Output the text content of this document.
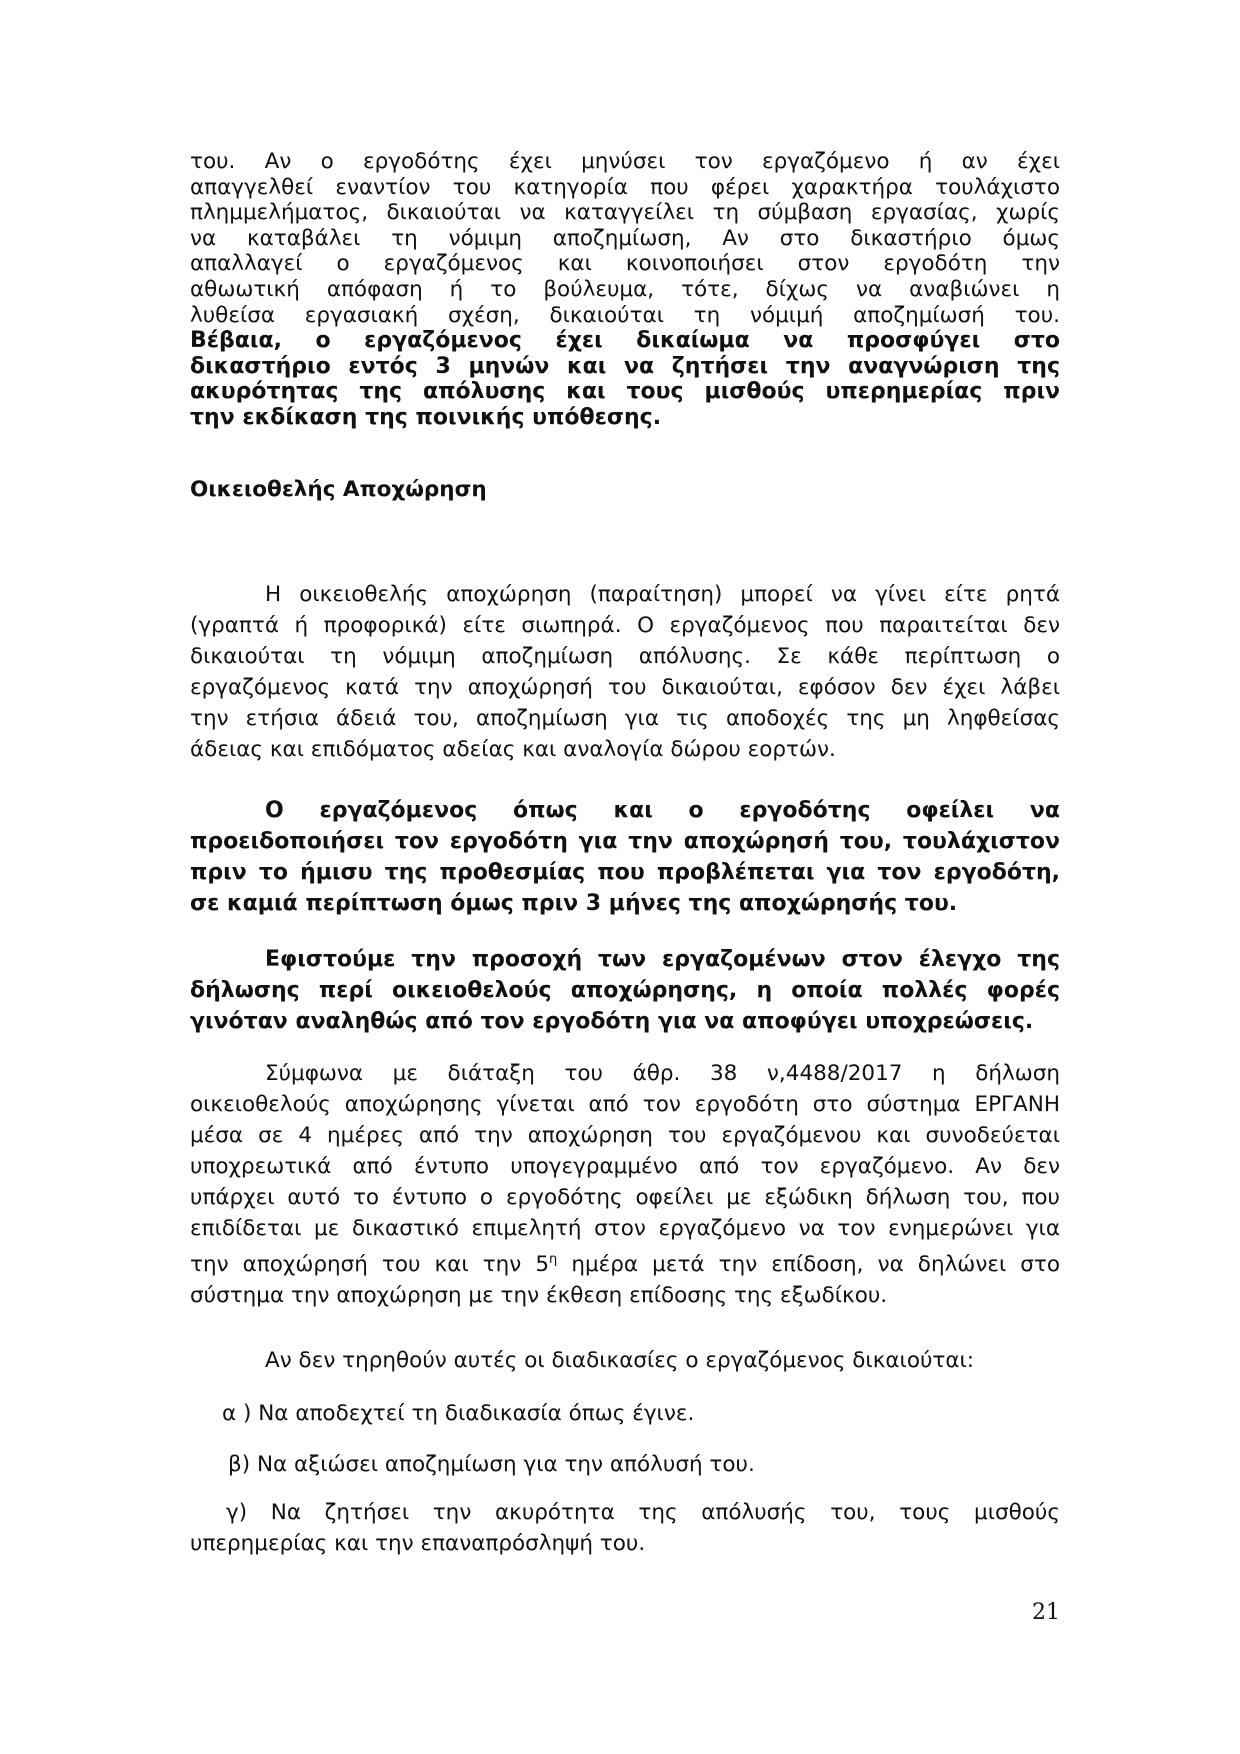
του. Αν ο εργοδότης έχει μηνύσει τον εργαζόμενο ή αν έχει
απαγγελθεί εναντίον του κατηγορία που φέρει χαρακτήρα τουλάχιστο
πλημμελήματος, δικαιούται να καταγγείλει τη σύμβαση εργασίας, χωρίς
να καταβάλει τη νόμιμη αποζημίωση, Αν στο δικαστήριο όμως
απαλλαγεί ο εργαζόμενος και κοινοποιήσει στον εργοδότη την
αθωωτική απόφαση ή το βούλευμα, τότε, δίχως να αναβιώνει η
λυθείσα εργασιακή σχέση, δικαιούται τη νόμιμή αποζημίωσή του.
Βέβαια, ο εργαζόμενος έχει δικαίωμα να προσφύγει στο
δικαστήριο εντός 3 μηνών και να ζητήσει την αναγνώριση της
ακυρότητας της απόλυσης και τους μισθούς υπερημερίας πριν
την εκδίκαση της ποινικής υπόθεσης.
Οικειοθελής Αποχώρηση
Η οικειοθελής αποχώρηση (παραίτηση) μπορεί να γίνει είτε ρητά
(γραπτά ή προφορικά) είτε σιωπηρά. Ο εργαζόμενος που παραιτείται δεν
δικαιούται τη νόμιμη αποζημίωση απόλυσης. Σε κάθε περίπτωση ο
εργαζόμενος κατά την αποχώρησή του δικαιούται, εφόσον δεν έχει λάβει
την ετήσια άδειά του, αποζημίωση για τις αποδοχές της μη ληφθείσας
άδειας και επιδόματος αδείας και αναλογία δώρου εορτών.
Ο εργαζόμενος όπως και ο εργοδότης οφείλει να
προειδοποιήσει τον εργοδότη για την αποχώρησή του, τουλάχιστον
πριν το ήμισυ της προθεσμίας που προβλέπεται για τον εργοδότη,
σε καμιά περίπτωση όμως πριν 3 μήνες της αποχώρησής του.
Εφιστούμε την προσοχή των εργαζομένων στον έλεγχο της
δήλωσης περί οικειοθελούς αποχώρησης, η οποία πολλές φορές
γινόταν αναληθώς από τον εργοδότη για να αποφύγει υποχρεώσεις.
Σύμφωνα με διάταξη του άθρ. 38 ν,4488/2017 η δήλωση
οικειοθελούς αποχώρησης γίνεται από τον εργοδότη στο σύστημα ΕΡΓΑΝΗ
μέσα σε 4 ημέρες από την αποχώρηση του εργαζόμενου και συνοδεύεται
υποχρεωτικά από έντυπο υπογεγραμμένο από τον εργαζόμενο. Αν δεν
υπάρχει αυτό το έντυπο ο εργοδότης οφείλει με εξώδικη δήλωση του, που
επιδίδεται με δικαστικό επιμελητή στον εργαζόμενο να τον ενημερώνει για
την αποχώρησή του και την $5^\eta$ ημέρα μετά την επίδοση, να δηλώνει στο
σύστημα την αποχώρηση με την έκθεση επίδοσης της εξωδίκου.
Αν δεν τηρηθούν αυτές οι διαδικασίες ο εργαζόμενος δικαιούται:
α ) Να αποδεχτεί τη διαδικασία όπως έγινε.
β) Να αξιώσει αποζημίωση για την απόλυσή του.
γ) Να ζητήσει την ακυρότητα της απόλυσής του, τους μισθούς
υπερημερίας και την επαναπρόσληψή του.
21
